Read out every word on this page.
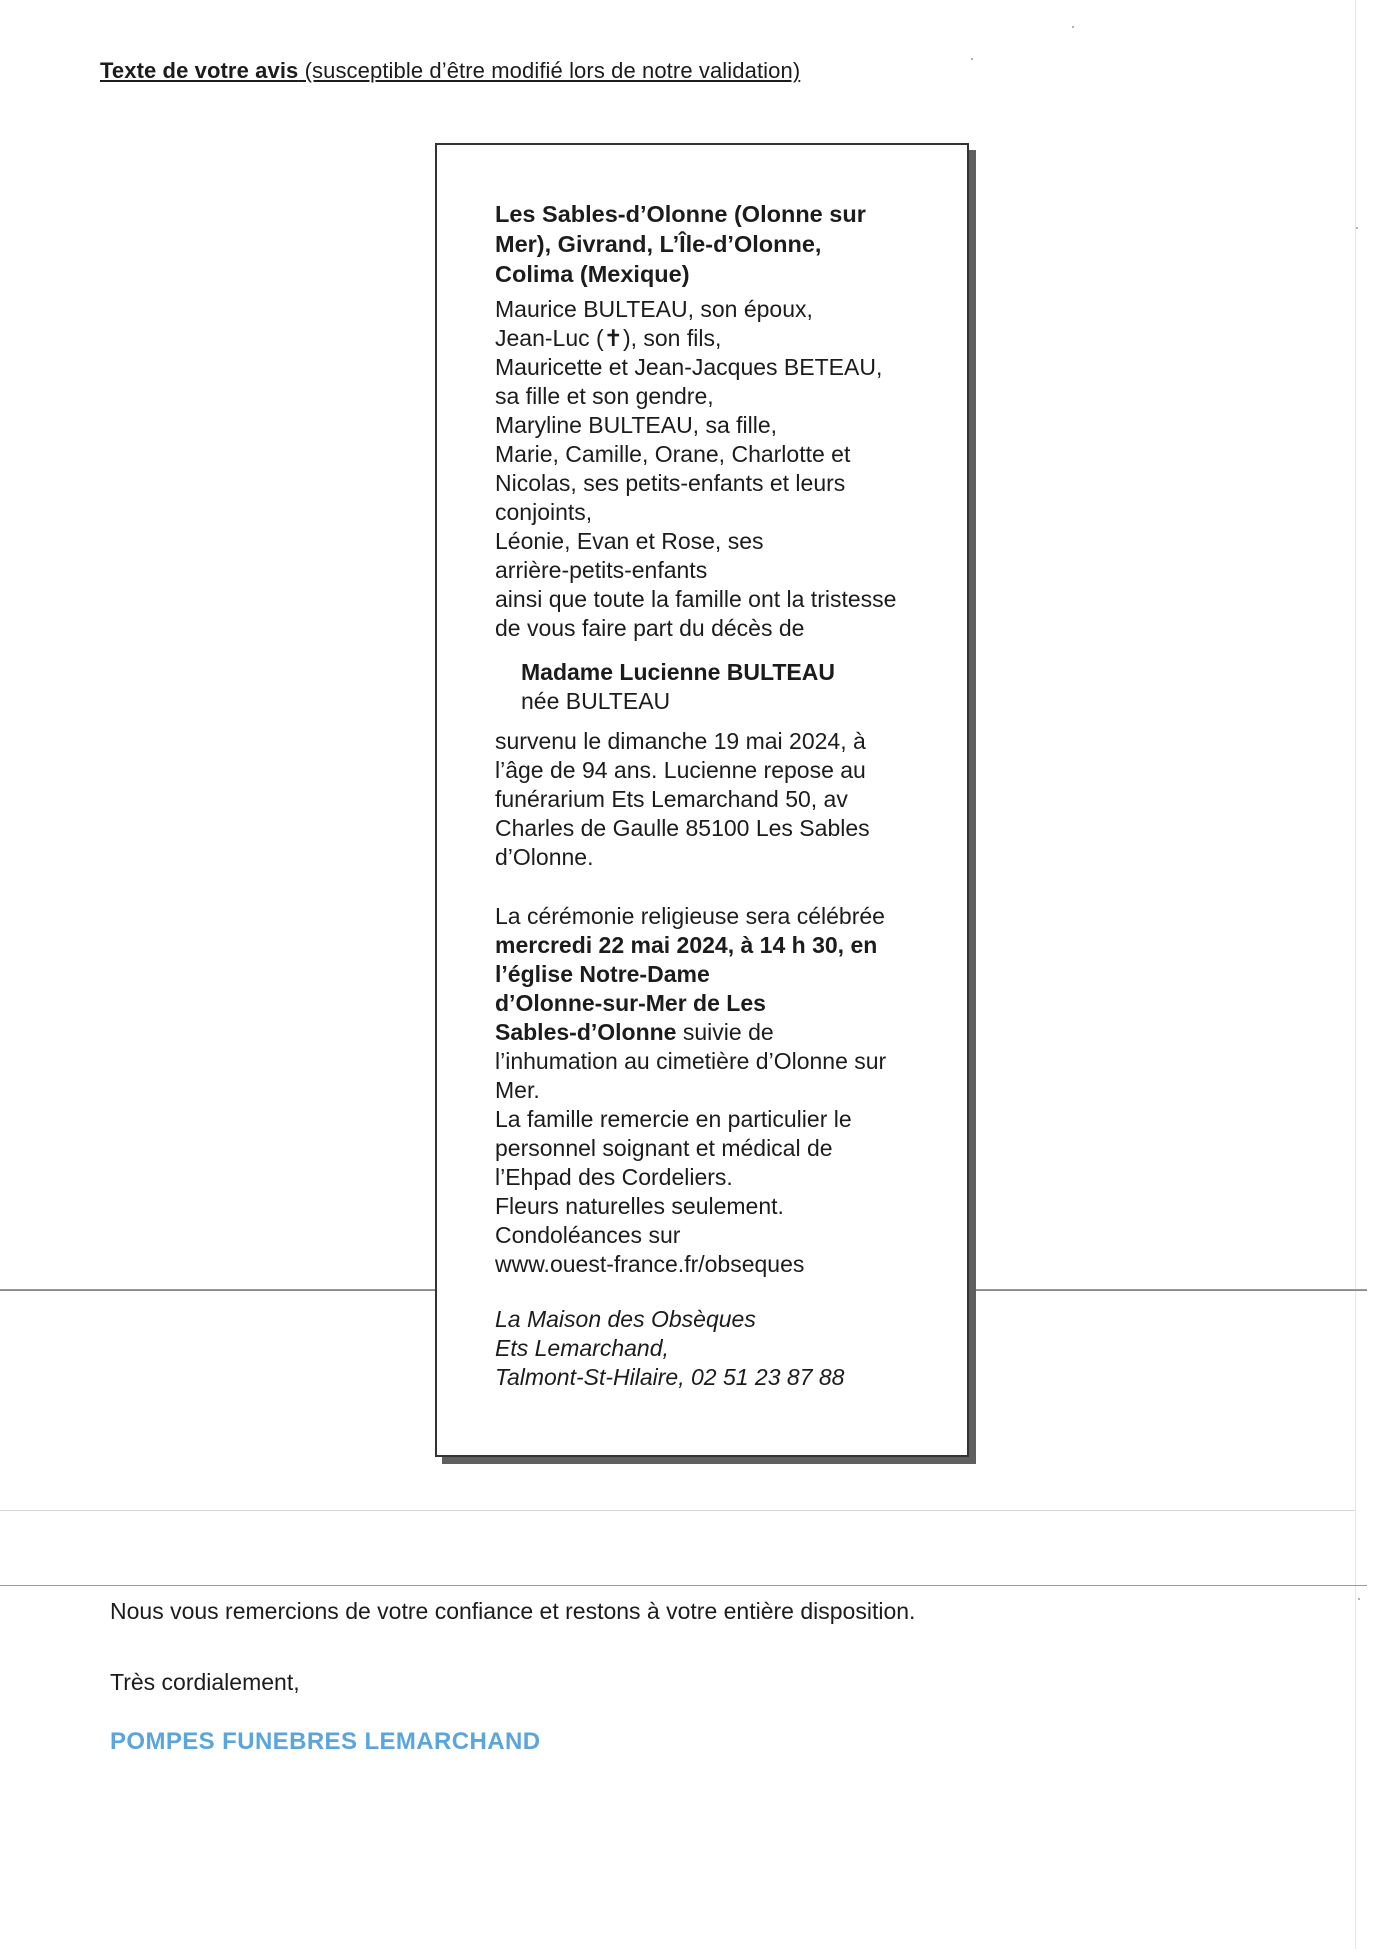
Texte de votre avis (susceptible d’être modifié lors de notre validation)
Les Sables-d’Olonne (Olonne sur
Mer), Givrand, L’Île-d’Olonne,
Colima (Mexique)
Maurice BULTEAU, son époux,
Jean-Luc (✝), son fils,
Mauricette et Jean-Jacques BETEAU,
sa fille et son gendre,
Maryline BULTEAU, sa fille,
Marie, Camille, Orane, Charlotte et
Nicolas, ses petits-enfants et leurs
conjoints,
Léonie, Evan et Rose, ses
arrière-petits-enfants
ainsi que toute la famille ont la tristesse
de vous faire part du décès de
Madame Lucienne BULTEAU
née BULTEAU
survenu le dimanche 19 mai 2024, à
l’âge de 94 ans. Lucienne repose au
funérarium Ets Lemarchand 50, av
Charles de Gaulle 85100 Les Sables
d’Olonne.
La cérémonie religieuse sera célébrée
mercredi 22 mai 2024, à 14 h 30, en
l’église Notre-Dame
d’Olonne-sur-Mer de Les
Sables-d’Olonne suivie de
l’inhumation au cimetière d’Olonne sur
Mer.
La famille remercie en particulier le
personnel soignant et médical de
l’Ehpad des Cordeliers.
Fleurs naturelles seulement.
Condoléances sur
www.ouest-france.fr/obseques
La Maison des Obsèques
Ets Lemarchand,
Talmont-St-Hilaire, 02 51 23 87 88
Nous vous remercions de votre confiance et restons à votre entière disposition.
Très cordialement,
POMPES FUNEBRES LEMARCHAND
